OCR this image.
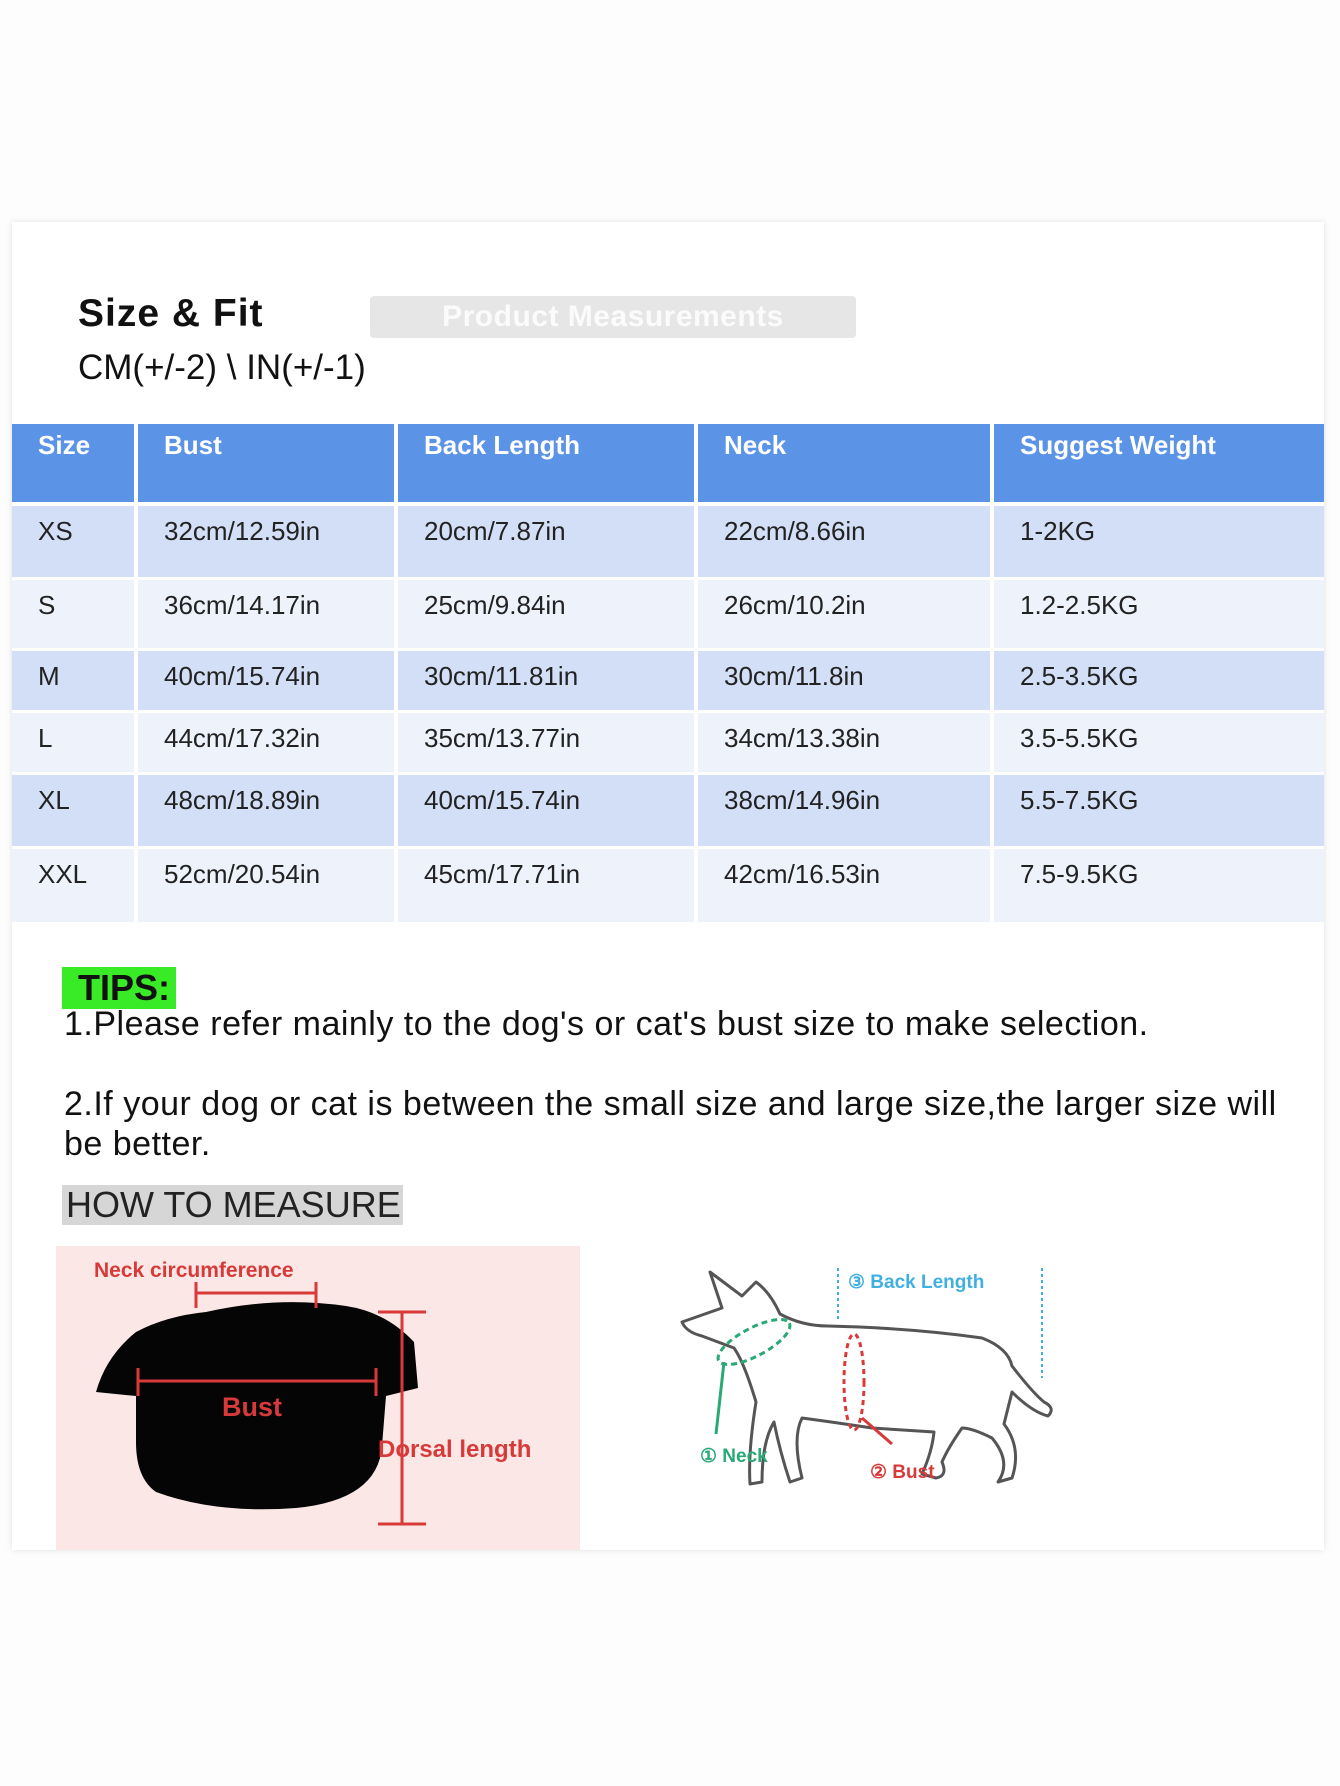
Size & Fit	Product Measurements
CM(+/-2) \ IN(+/-1)
Size	Bust	Back Length	Neck	Suggest Weight
XS	32cm/12.59in	20cm/7.87in	22cm/8.66in	1-2KG
S	36cm/14.17in	25cm/9.84in	26cm/10.2in	1.2-2.5KG
M	40cm/15.74in	30cm/11.81in	30cm/11.8in	2.5-3.5KG
L	44cm/17.32in	35cm/13.77in	34cm/13.38in	3.5-5.5KG
XL	48cm/18.89in	40cm/15.74in	38cm/14.96in	5.5-7.5KG
XXL	52cm/20.54in	45cm/17.71in	42cm/16.53in	7.5-9.5KG
TIPS:
1.Please refer mainly to the dog's or cat's bust size to make selection.
2.If your dog or cat is between the small size and large size,the larger size will be better.
HOW TO MEASURE
Neck circumference
Bust
Dorsal length
③ Back Length
① Neck
② Bust
